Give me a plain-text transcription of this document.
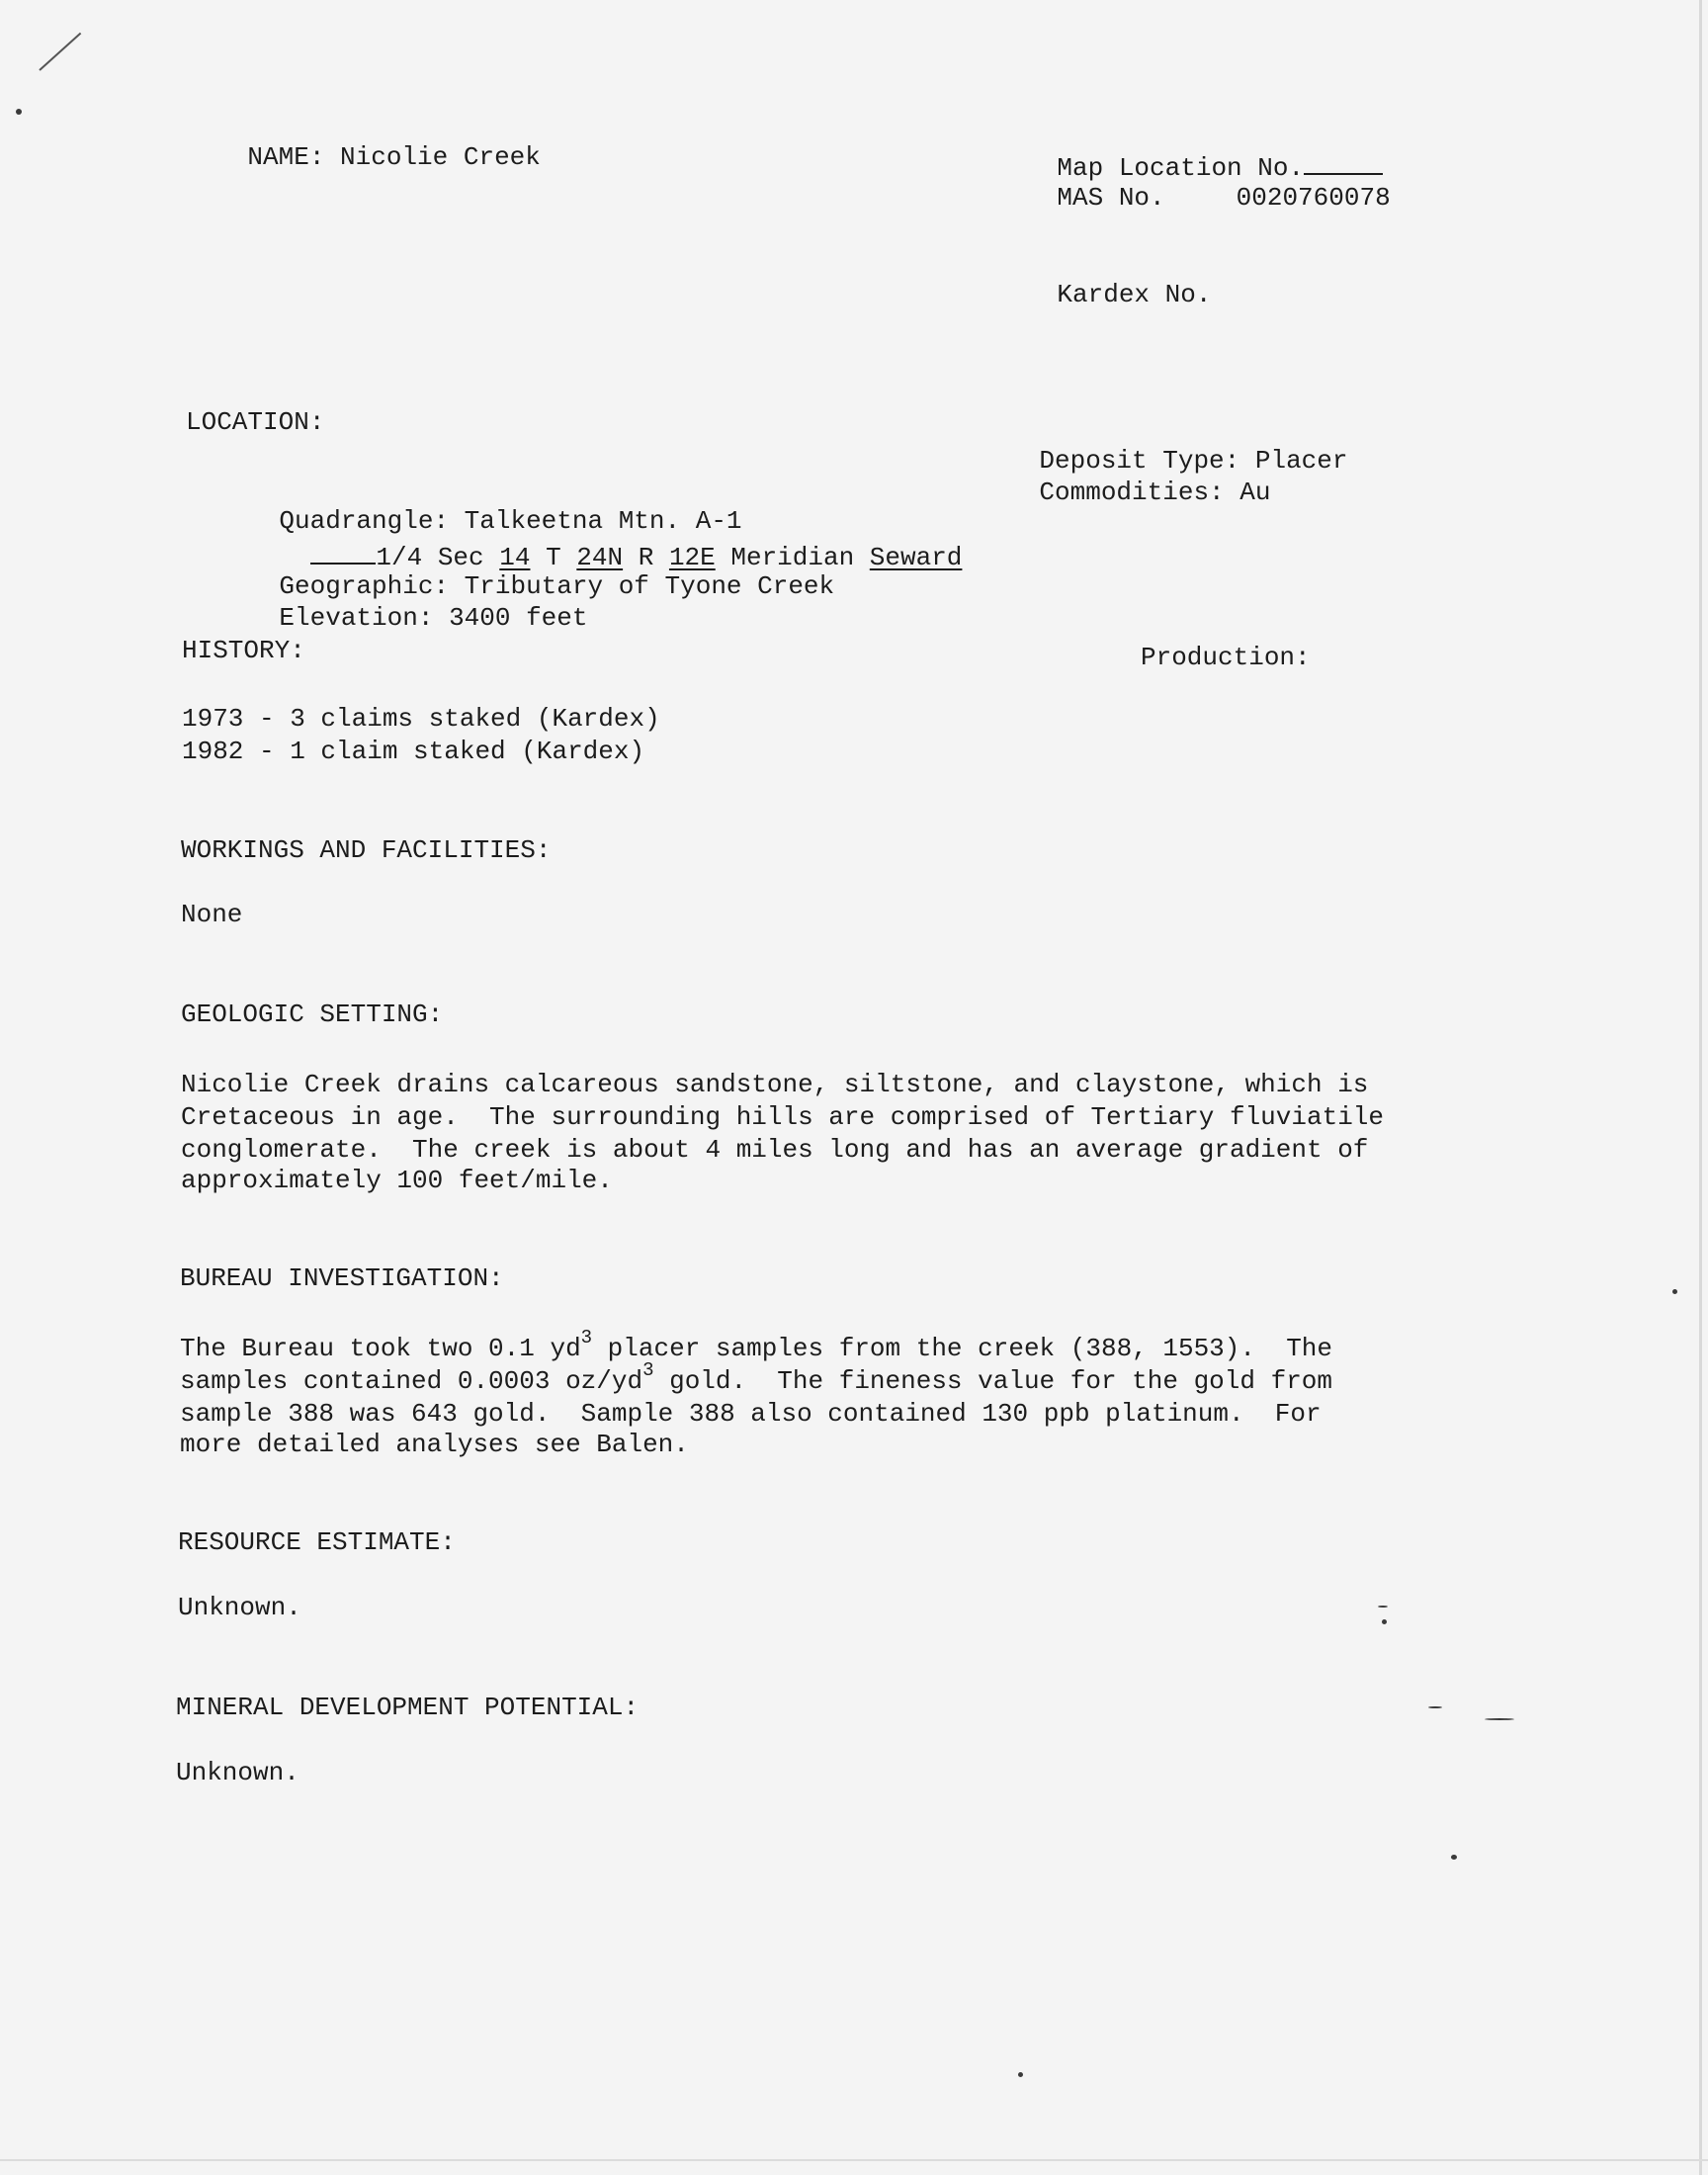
NAME: Nicolie Creek
	Map Location No.

MAS No.	0020760078

Kardex No.

LOCATION:

Deposit Type: Placer

Commodities: Au

Quadrangle: Talkeetna Mtn. A-1

1/4 Sec 14 T 24N R 12E Meridian Seward

Geographic: Tributary of Tyone Creek

Elevation: 3400 feet

HISTORY:	Production:
1973 - 3 claims staked (Kardex)
1982 - 1 claim staked (Kardex)
WORKINGS AND FACILITIES:
None
GEOLOGIC SETTING:
Nicolie Creek drains calcareous sandstone, siltstone, and claystone, which is
Cretaceous in age.  The surrounding hills are comprised of Tertiary fluviatile
conglomerate.  The creek is about 4 miles long and has an average gradient of
approximately 100 feet/mile.
BUREAU INVESTIGATION:
The Bureau took two 0.1 $yd^3$ placer samples from the creek (388, 1553).  The
samples contained 0.0003 $oz/yd^3$ gold.  The fineness value for the gold from
sample 388 was 643 gold.  Sample 388 also contained 130 ppb platinum.  For
more detailed analyses see Balen.
RESOURCE ESTIMATE:
Unknown.
MINERAL DEVELOPMENT POTENTIAL:
Unknown.
